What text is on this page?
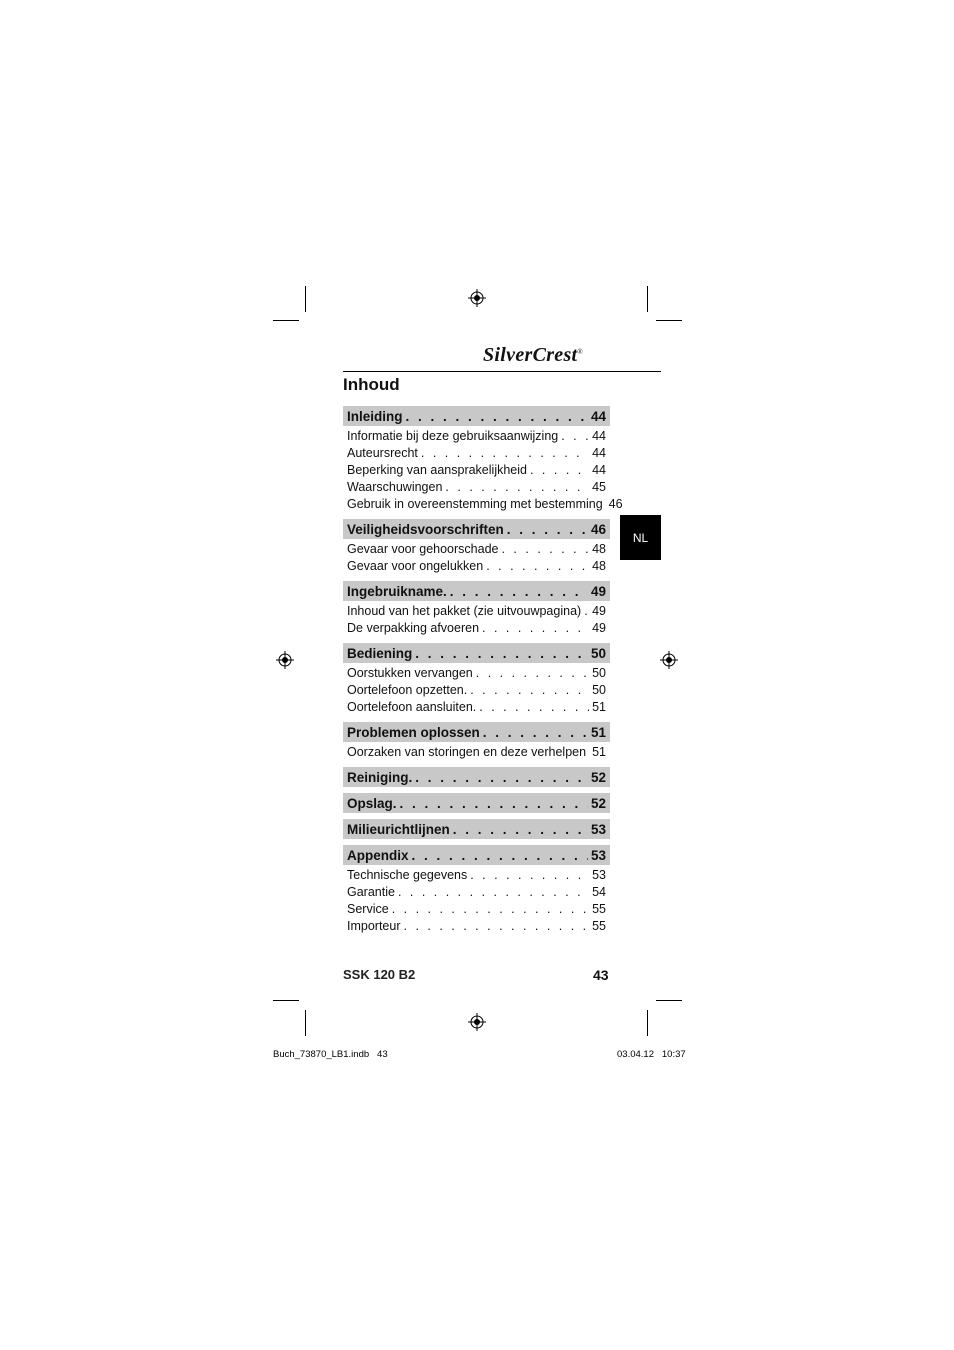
SilverCrest®
Inhoud
NL
Inleiding . . .	44
Informatie bij deze gebruiksaanwijzing . . .	44
Auteursrecht . . .	44
Beperking van aansprakelijkheid . . .	44
Waarschuwingen . . .	45
Gebruik in overeenstemming met bestemming 46
Veiligheidsvoorschriften . . .	46
Gevaar voor gehoorschade . . .	48
Gevaar voor ongelukken . . .	48
Ingebruikname. . . .	49
Inhoud van het pakket (zie uitvouwpagina) . . . 49
De verpakking afvoeren . . .	49
Bediening . . .	50
Oorstukken vervangen . . .	50
Oortelefoon opzetten. . . .	50
Oortelefoon aansluiten. . . .	51
Problemen oplossen . . .	51
Oorzaken van storingen en deze verhelpen . . . 51
Reiniging. . . .	52
Opslag. . . .	52
Milieurichtlijnen . . .	53
Appendix . . .	53
Technische gegevens . . .	53
Garantie . . .	54
Service . . .	55
Importeur . . .	55
SSK 120 B2	43
Buch_73870_LB1.indb   43	03.04.12   10:37
